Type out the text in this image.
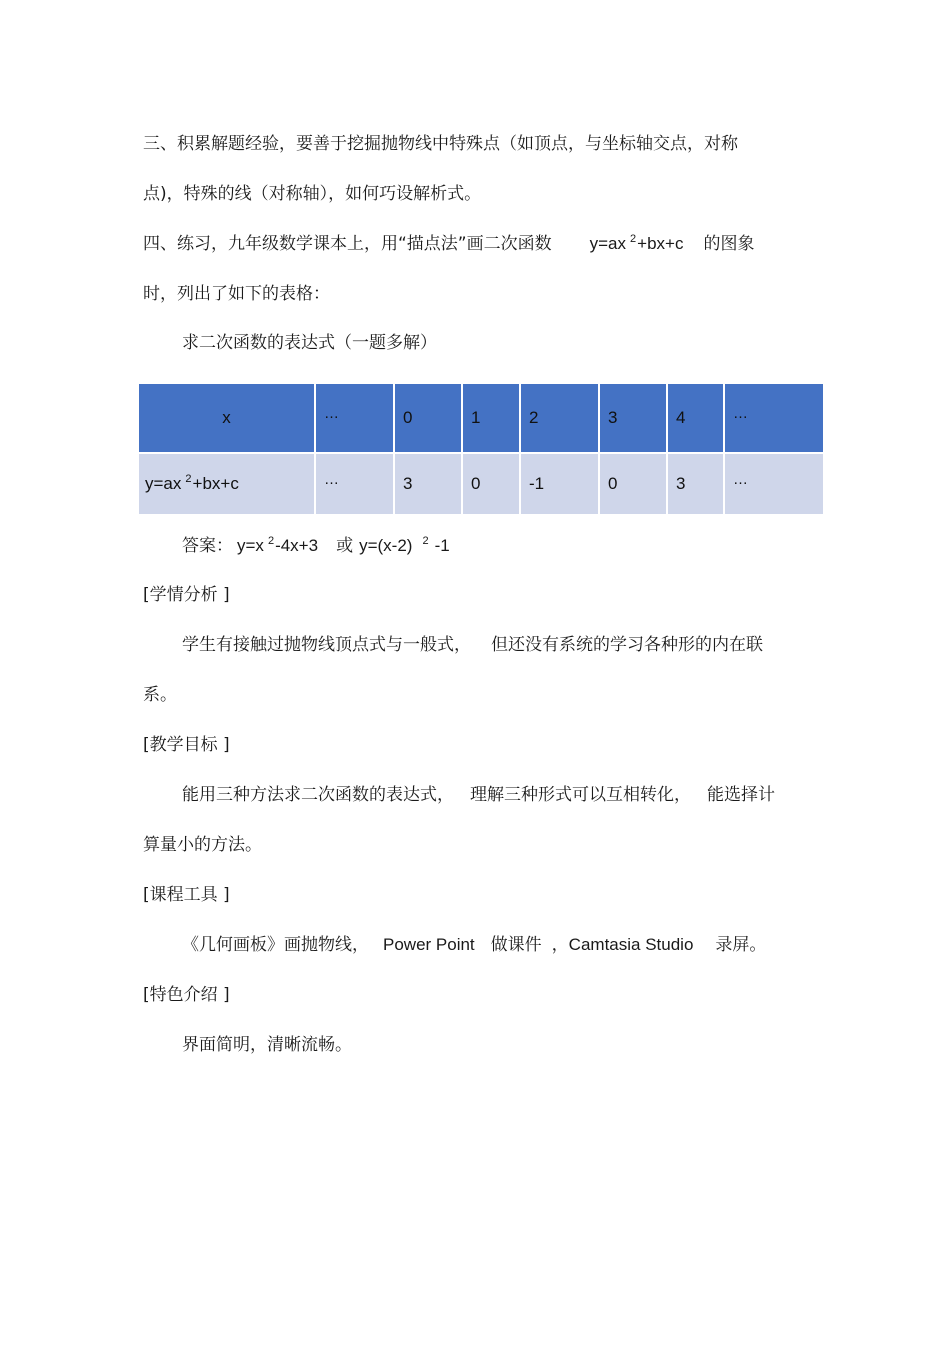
三、积累解题经验，要善于挖掘抛物线中特殊点（如顶点，与坐标轴交点，对称
点)，特殊的线（对称轴），如何巧设解析式。
四、练习，九年级数学课本上，用“描点法”画二次函数 y=ax $^2$+bx+c 的图象
时，列出了如下的表格：
求二次函数的表达式（一题多解）
x	…	0	1	2	3	4	…
y=ax $^2$+bx+c	…	3	0	-1	0	3	…
答案： y=x $^2$-4x+3 或 y=(x-2) $^2$ -1
[学情分析 ]
学生有接触过抛物线顶点式与一般式， 但还没有系统的学习各种形的内在联
系。
[教学目标 ]
能用三种方法求二次函数的表达式， 理解三种形式可以互相转化， 能选择计
算量小的方法。
[课程工具 ]
《几何画板》画抛物线， Power Point 做课件 ，Camtasia Studio 录屏。
[特色介绍 ]
界面简明，清晰流畅。
